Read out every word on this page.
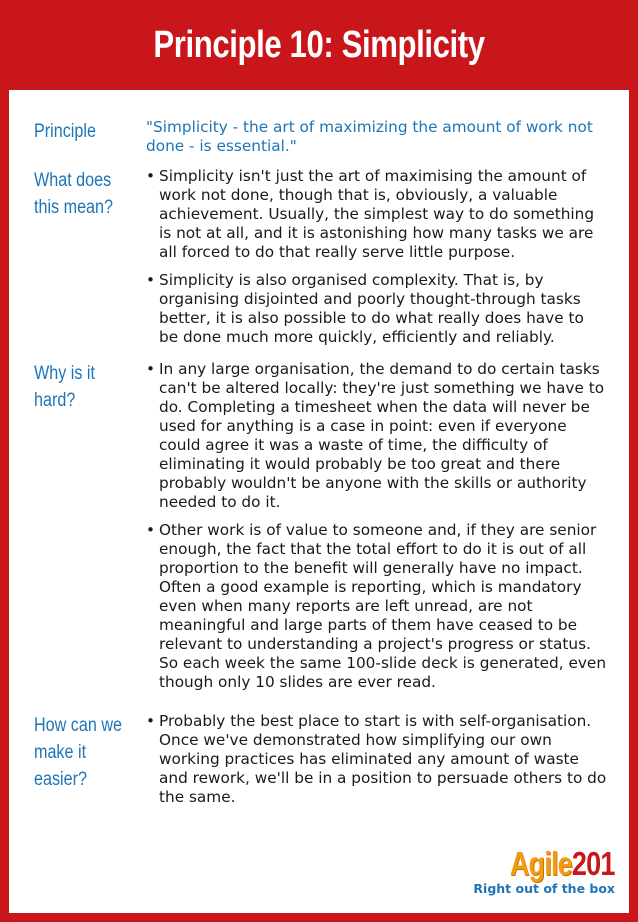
Principle 10: Simplicity
Principle	"Simplicity - the art of maximizing the amount of work not done - is essential."
What does this mean?
• Simplicity isn't just the art of maximising the amount of work not done, though that is, obviously, a valuable achievement. Usually, the simplest way to do something is not at all, and it is astonishing how many tasks we are all forced to do that really serve little purpose.
• Simplicity is also organised complexity. That is, by organising disjointed and poorly thought-through tasks better, it is also possible to do what really does have to be done much more quickly, efficiently and reliably.
Why is it hard?
• In any large organisation, the demand to do certain tasks can't be altered locally: they're just something we have to do. Completing a timesheet when the data will never be used for anything is a case in point: even if everyone could agree it was a waste of time, the difficulty of eliminating it would probably be too great and there probably wouldn't be anyone with the skills or authority needed to do it.
• Other work is of value to someone and, if they are senior enough, the fact that the total effort to do it is out of all proportion to the benefit will generally have no impact. Often a good example is reporting, which is mandatory even when many reports are left unread, are not meaningful and large parts of them have ceased to be relevant to understanding a project's progress or status. So each week the same 100-slide deck is generated, even though only 10 slides are ever read.
How can we make it easier?
• Probably the best place to start is with self-organisation. Once we've demonstrated how simplifying our own working practices has eliminated any amount of waste and rework, we'll be in a position to persuade others to do the same.
Agile201
Right out of the box
